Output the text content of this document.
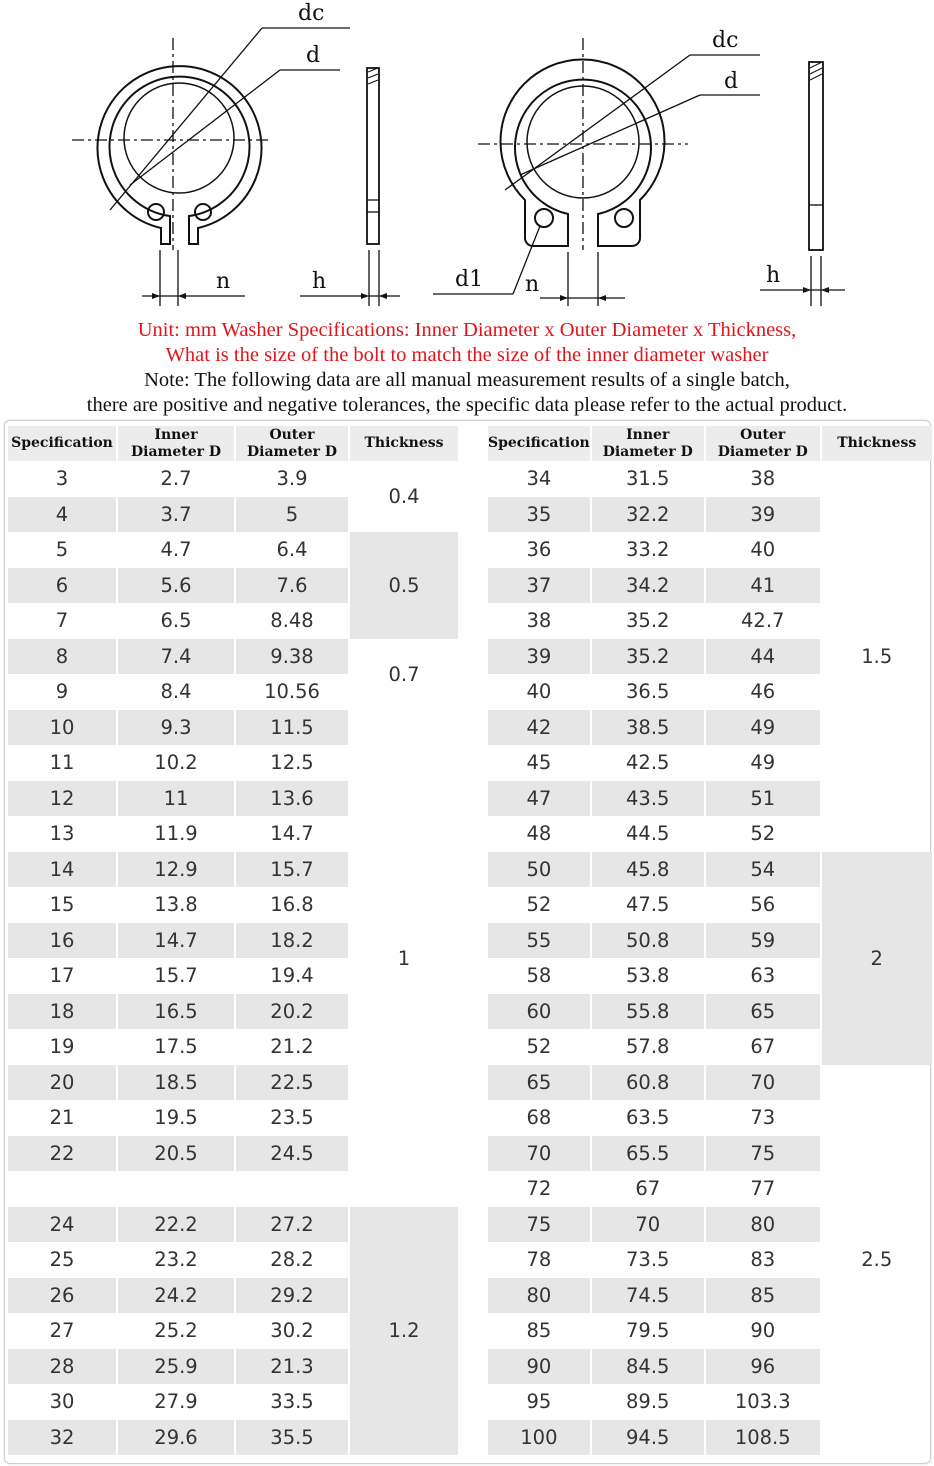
dc
d
n	h
dc
d
d1 n	h
Unit: mm Washer Specifications: Inner Diameter x Outer Diameter x Thickness,
What is the size of the bolt to match the size of the inner diameter washer
Note: The following data are all manual measurement results of a single batch,
there are positive and negative tolerances, the specific data please refer to the actual product.
Specification	Inner Diameter D	Outer Diameter D	Thickness
3	2.7	3.9	0.4
4	3.7	5	
5	4.7	6.4	0.5
6	5.6	7.6	
7	6.5	8.48	
8	7.4	9.38	0.7
9	8.4	10.56	
10	9.3	11.5	1
11	10.2	12.5	
12	11	13.6	
13	11.9	14.7	
14	12.9	15.7	
15	13.8	16.8	
16	14.7	18.2	
17	15.7	19.4	
18	16.5	20.2	
19	17.5	21.2	
20	18.5	22.5	
21	19.5	23.5	
22	20.5	24.5	

24	22.2	27.2	1.2
25	23.2	28.2	
26	24.2	29.2	
27	25.2	30.2	
28	25.9	21.3	
30	27.9	33.5	
32	29.6	35.5	
Specification	Inner Diameter D	Outer Diameter D	Thickness
34	31.5	38	1.5
35	32.2	39	
36	33.2	40	
37	34.2	41	
38	35.2	42.7	
39	35.2	44	
40	36.5	46	
42	38.5	49	
45	42.5	49	
47	43.5	51	
48	44.5	52	
50	45.8	54	2
52	47.5	56	
55	50.8	59	
58	53.8	63	
60	55.8	65	
52	57.8	67	
65	60.8	70	2.5
68	63.5	73	
70	65.5	75	
72	67	77	
75	70	80	
78	73.5	83	
80	74.5	85	
85	79.5	90	
90	84.5	96	
95	89.5	103.3	
100	94.5	108.5	
